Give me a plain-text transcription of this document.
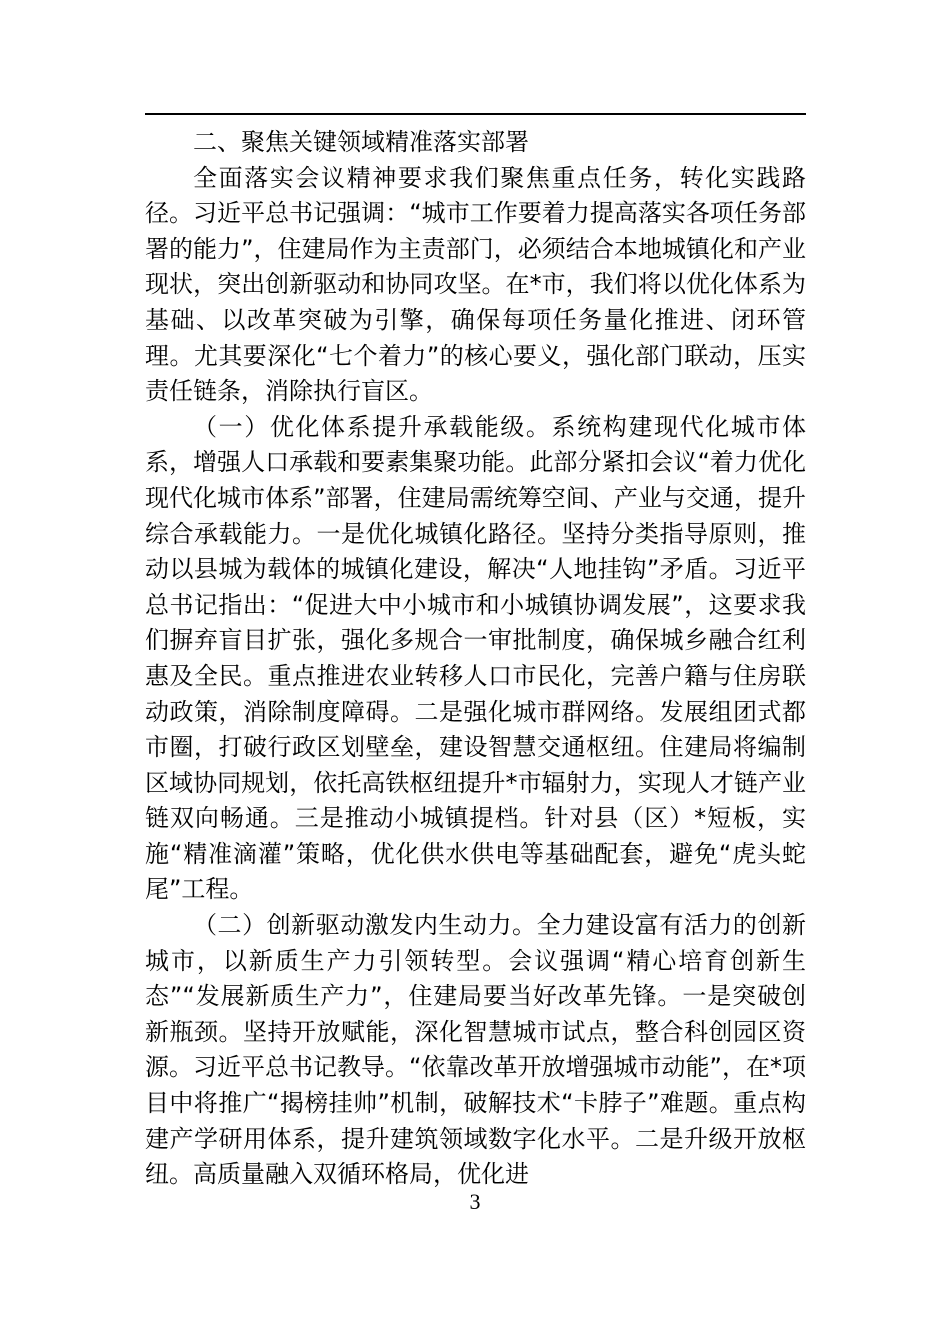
二、聚焦关键领域精准落实部署

全面落实会议精神要求我们聚焦重点任务，转化实践路径。习近平总书记强调：“城市工作要着力提高落实各项任务部署的能力”，住建局作为主责部门，必须结合本地城镇化和产业现状，突出创新驱动和协同攻坚。在*市，我们将以优化体系为基础、以改革突破为引擎，确保每项任务量化推进、闭环管理。尤其要深化“七个着力”的核心要义，强化部门联动，压实责任链条，消除执行盲区。

（一）优化体系提升承载能级。系统构建现代化城市体系，增强人口承载和要素集聚功能。此部分紧扣会议“着力优化现代化城市体系”部署，住建局需统筹空间、产业与交通，提升综合承载能力。一是优化城镇化路径。坚持分类指导原则，推动以县城为载体的城镇化建设，解决“人地挂钩”矛盾。习近平总书记指出：“促进大中小城市和小城镇协调发展”，这要求我们摒弃盲目扩张，强化多规合一审批制度，确保城乡融合红利惠及全民。重点推进农业转移人口市民化，完善户籍与住房联动政策，消除制度障碍。二是强化城市群网络。发展组团式都市圈，打破行政区划壁垒，建设智慧交通枢纽。住建局将编制区域协同规划，依托高铁枢纽提升*市辐射力，实现人才链产业链双向畅通。三是推动小城镇提档。针对县（区）*短板，实施“精准滴灌”策略，优化供水供电等基础配套，避免“虎头蛇尾”工程。

（二）创新驱动激发内生动力。全力建设富有活力的创新城市，以新质生产力引领转型。会议强调“精心培育创新生态”“发展新质生产力”，住建局要当好改革先锋。一是突破创新瓶颈。坚持开放赋能，深化智慧城市试点，整合科创园区资源。习近平总书记教导。“依靠改革开放增强城市动能”，在*项目中将推广“揭榜挂帅”机制，破解技术“卡脖子”难题。重点构建产学研用体系，提升建筑领域数字化水平。二是升级开放枢纽。高质量融入双循环格局，优化进

3
